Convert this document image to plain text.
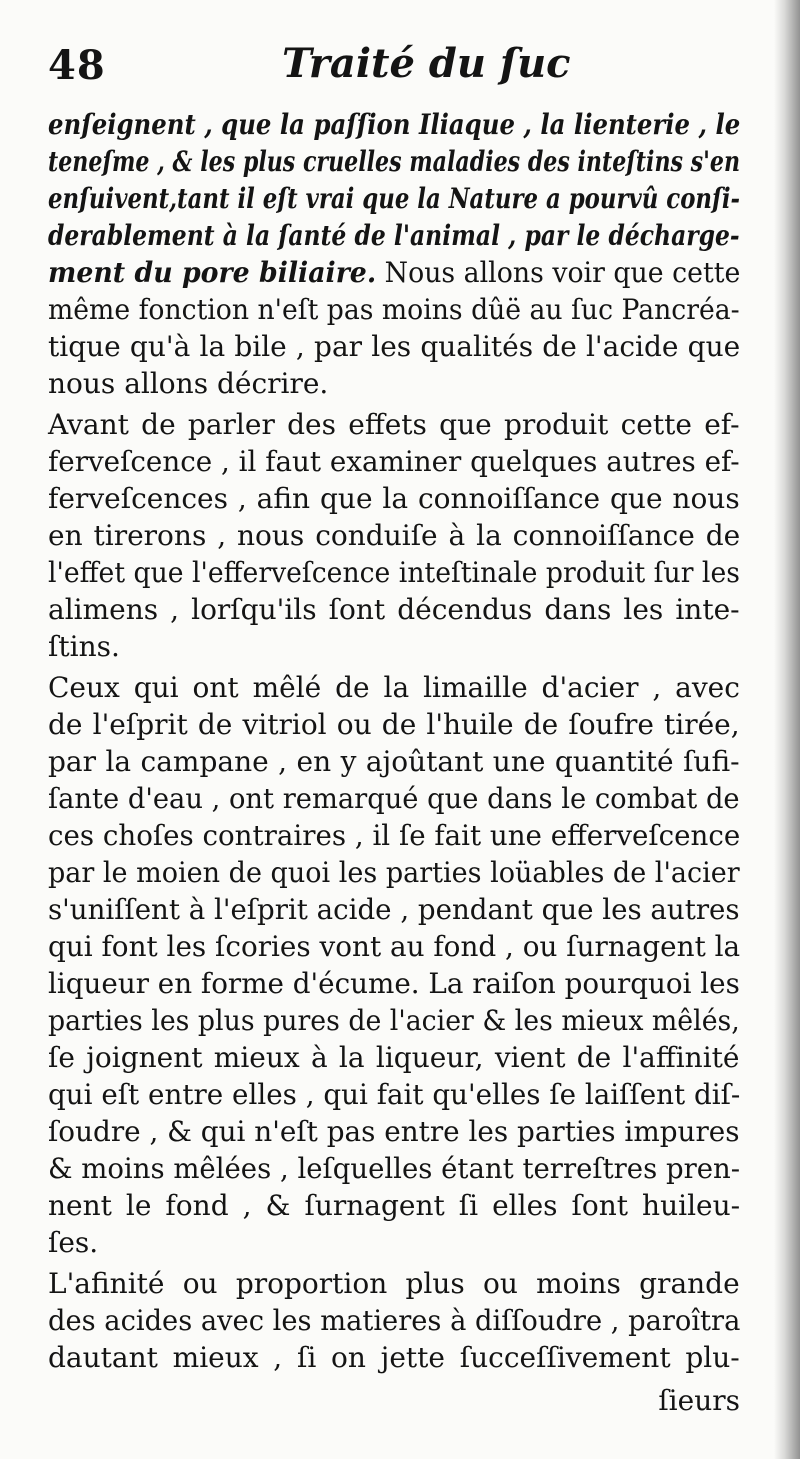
48	Traité du ſuc
enſeignent , que la paſſion Iliaque , la lienterie , le
teneſme , & les plus cruelles maladies des inteſtins s'en
enſuivent,tant il eſt vrai que la Nature a pourvû conſi-
derablement à la ſanté de l'animal , par le décharge-
ment du pore biliaire. Nous allons voir que cette
même fonction n'eſt pas moins dûë au ſuc Pancréa-
tique qu'à la bile , par les qualités de l'acide que
nous allons décrire.
Avant de parler des effets que produit cette ef-
ferveſcence , il faut examiner quelques autres ef-
ferveſcences , afin que la connoiſſance que nous
en tirerons , nous conduiſe à la connoiſſance de
l'effet que l'efferveſcence inteſtinale produit ſur les
alimens , lorſqu'ils ſont décendus dans les inte-
ſtins.
Ceux qui ont mêlé de la limaille d'acier , avec
de l'eſprit de vitriol ou de l'huile de ſoufre tirée,
par la campane , en y ajoûtant une quantité ſufi-
ſante d'eau , ont remarqué que dans le combat de
ces choſes contraires , il ſe fait une efferveſcence
par le moien de quoi les parties loüables de l'acier
s'uniſſent à l'eſprit acide , pendant que les autres
qui font les ſcories vont au fond , ou ſurnagent la
liqueur en forme d'écume. La raiſon pourquoi les
parties les plus pures de l'acier & les mieux mêlés,
ſe joignent mieux à la liqueur, vient de l'affinité
qui eſt entre elles , qui fait qu'elles ſe laiſſent diſ-
ſoudre , & qui n'eſt pas entre les parties impures
& moins mêlées , leſquelles étant terreſtres pren-
nent le fond , & ſurnagent ſi elles ſont huileu-
ſes.
L'afinité ou proportion plus ou moins grande
des acides avec les matieres à diſſoudre , paroîtra
dautant mieux , ſi on jette ſucceſſivement plu-
ſieurs
